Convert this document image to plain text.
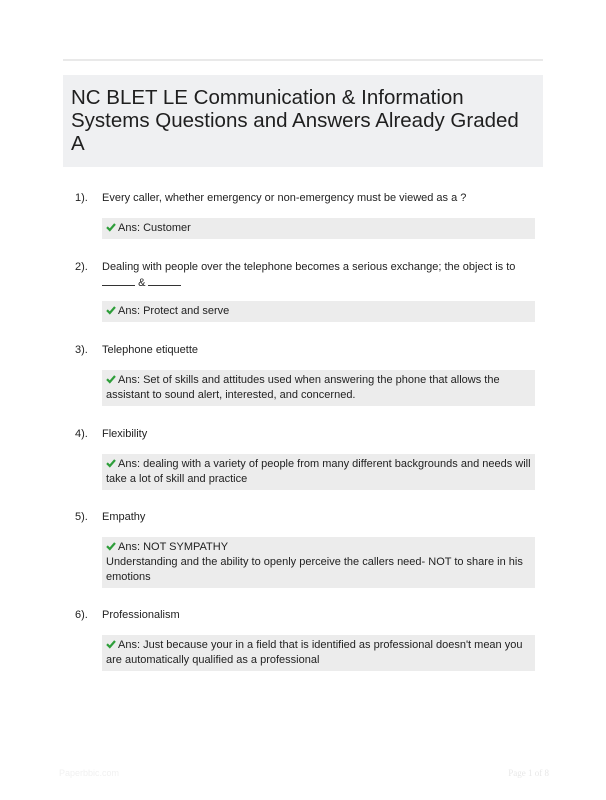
NC BLET LE Communication & Information Systems Questions and Answers Already Graded A
1).	Every caller, whether emergency or non-emergency must be viewed as a ?
Ans: Customer
2).	Dealing with people over the telephone becomes a serious exchange; the object is to
&
Ans: Protect and serve
3).	Telephone etiquette
Ans: Set of skills and attitudes used when answering the phone that allows the assistant to sound alert, interested, and concerned.
4).	Flexibility
Ans: dealing with a variety of people from many different backgrounds and needs will take a lot of skill and practice
5).	Empathy
Ans: NOT SYMPATHY
Understanding and the ability to openly perceive the callers need- NOT to share in his emotions
6).	Professionalism
Ans: Just because your in a field that is identified as professional doesn't mean you are automatically qualified as a professional
Paperbbic.com	Page 1 of 8
